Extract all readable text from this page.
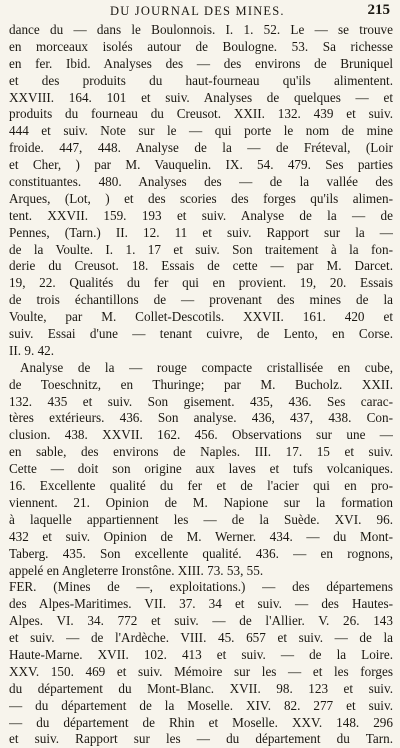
DU JOURNAL DES MINES.	215
dance du — dans le Boulonnois. I. 1. 52. Le — se trouve
en morceaux isolés autour de Boulogne. 53. Sa richesse
en fer. Ibid. Analyses des — des environs de Bruniquel
et des produits du haut-fourneau qu'ils alimentent.
XXVIII. 164. 101 et suiv. Analyses de quelques — et
produits du fourneau du Creusot. XXII. 132. 439 et suiv.
444 et suiv. Note sur le — qui porte le nom de mine
froide. 447, 448. Analyse de la — de Fréteval, (Loir
et Cher, ) par M. Vauquelin. IX. 54. 479. Ses parties
constituantes. 480. Analyses des — de la vallée des
Arques, (Lot, ) et des scories des forges qu'ils alimen-
tent. XXVII. 159. 193 et suiv. Analyse de la — de
Pennes, (Tarn.) II. 12. 11 et suiv. Rapport sur la —
de la Voulte. I. 1. 17 et suiv. Son traitement à la fon-
derie du Creusot. 18. Essais de cette — par M. Darcet.
19, 22. Qualités du fer qui en provient. 19, 20. Essais
de trois échantillons de — provenant des mines de la
Voulte, par M. Collet-Descotils. XXVII. 161. 420 et
suiv. Essai d'une — tenant cuivre, de Lento, en Corse.
II. 9. 42.
Analyse de la — rouge compacte cristallisée en cube,
de Toeschnitz, en Thuringe; par M. Bucholz. XXII.
132. 435 et suiv. Son gisement. 435, 436. Ses carac-
tères extérieurs. 436. Son analyse. 436, 437, 438. Con-
clusion. 438. XXVII. 162. 456. Observations sur une —
en sable, des environs de Naples. III. 17. 15 et suiv.
Cette — doit son origine aux laves et tufs volcaniques.
16. Excellente qualité du fer et de l'acier qui en pro-
viennent. 21. Opinion de M. Napione sur la formation
à laquelle appartiennent les — de la Suède. XVI. 96.
432 et suiv. Opinion de M. Werner. 434. — du Mont-
Taberg. 435. Son excellente qualité. 436. — en rognons,
appelé en Angleterre Ironstône. XIII. 73. 53, 55.
FER. (Mines de —, exploitations.) — des départemens
des Alpes-Maritimes. VII. 37. 34 et suiv. — des Hautes-
Alpes. VI. 34. 772 et suiv. — de l'Allier. V. 26. 143
et suiv. — de l'Ardèche. VIII. 45. 657 et suiv. — de la
Haute-Marne. XVII. 102. 413 et suiv. — de la Loire.
XXV. 150. 469 et suiv. Mémoire sur les — et les forges
du département du Mont-Blanc. XVII. 98. 123 et suiv.
— du département de la Moselle. XIV. 82. 277 et suiv.
— du département de Rhin et Moselle. XXV. 148. 296
et suiv. Rapport sur les — du département du Tarn.
